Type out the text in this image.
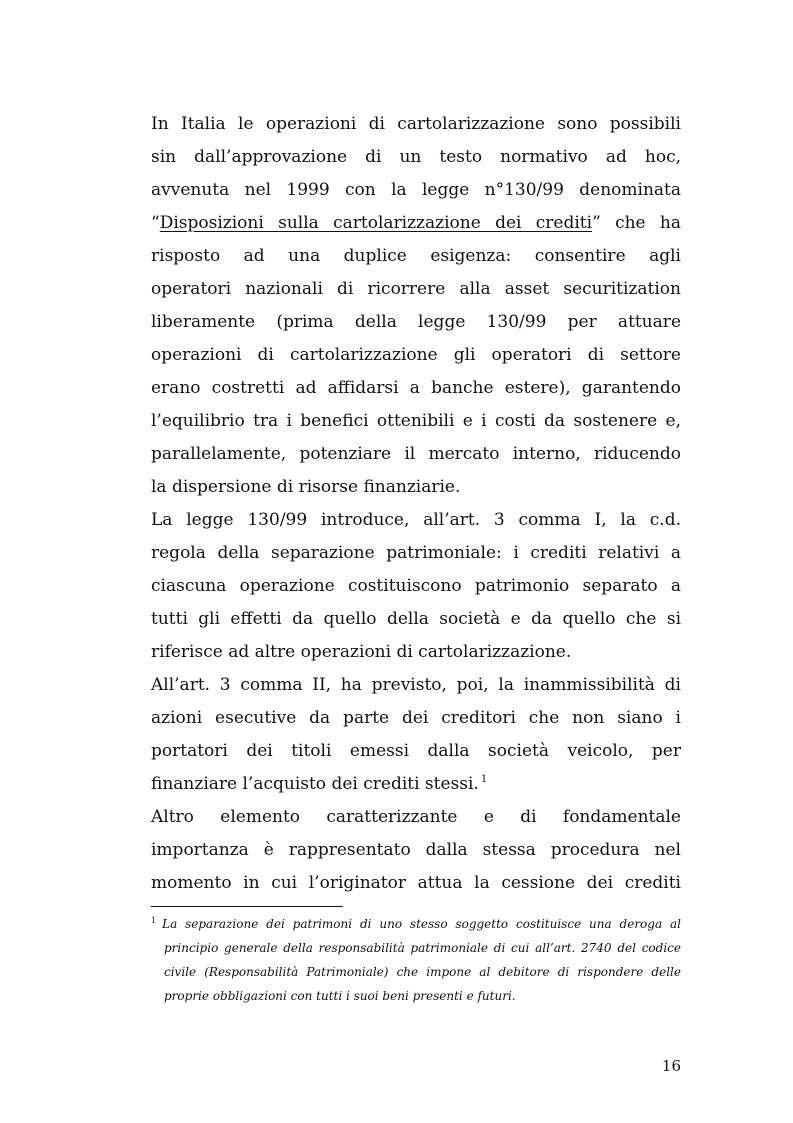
In Italia le operazioni di cartolarizzazione sono possibili
sin dall’approvazione di un testo normativo ad hoc,
avvenuta nel 1999 con la legge n°130/99 denominata
“Disposizioni sulla cartolarizzazione dei crediti” che ha
risposto ad una duplice esigenza: consentire agli
operatori nazionali di ricorrere alla asset securitization
liberamente (prima della legge 130/99 per attuare
operazioni di cartolarizzazione gli operatori di settore
erano costretti ad affidarsi a banche estere), garantendo
l’equilibrio tra i benefici ottenibili e i costi da sostenere e,
parallelamente, potenziare il mercato interno, riducendo
la dispersione di risorse finanziarie.
La legge 130/99 introduce, all’art. 3 comma I, la c.d.
regola della separazione patrimoniale: i crediti relativi a
ciascuna operazione costituiscono patrimonio separato a
tutti gli effetti da quello della società e da quello che si
riferisce ad altre operazioni di cartolarizzazione.
All’art. 3 comma II, ha previsto, poi, la inammissibilità di
azioni esecutive da parte dei creditori che non siano i
portatori dei titoli emessi dalla società veicolo, per
finanziare l’acquisto dei crediti stessi. $^1$
Altro elemento caratterizzante e di fondamentale
importanza è rappresentato dalla stessa procedura nel
momento in cui l’originator attua la cessione dei crediti
$^1$ La separazione dei patrimoni di uno stesso soggetto costituisce una deroga al
principio generale della responsabilità patrimoniale di cui all’art. 2740 del codice
civile (Responsabilità Patrimoniale) che impone al debitore di rispondere delle
proprie obbligazioni con tutti i suoi beni presenti e futuri.
16
